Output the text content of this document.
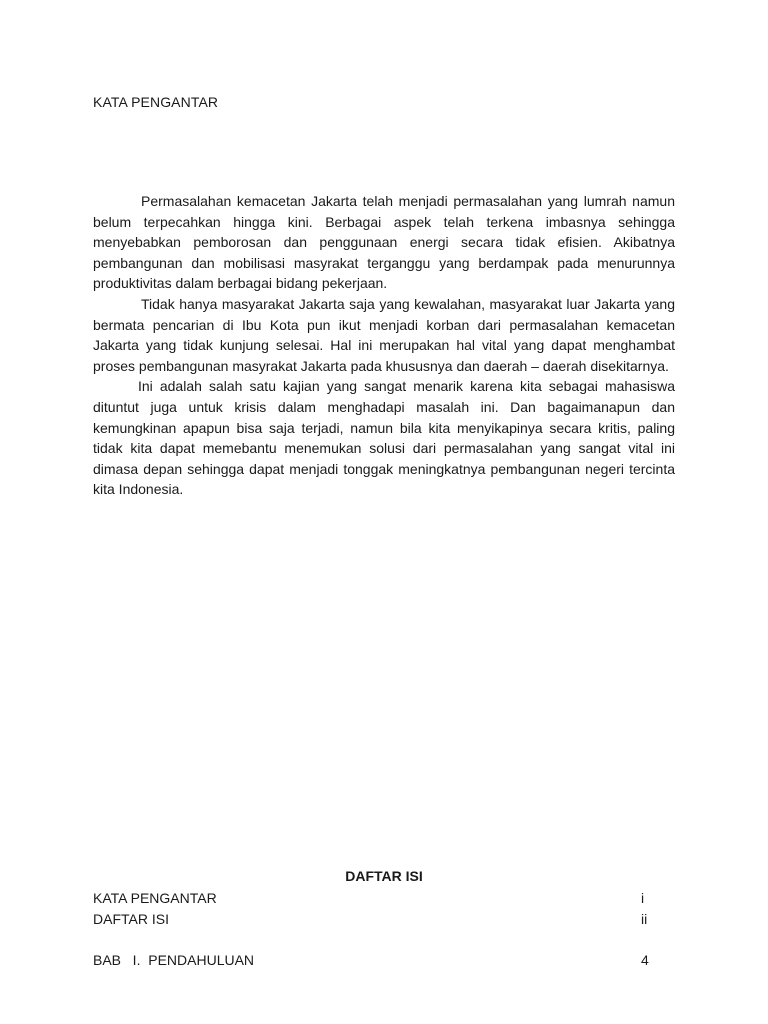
KATA PENGANTAR

Permasalahan kemacetan Jakarta telah menjadi permasalahan yang lumrah namun belum terpecahkan hingga kini. Berbagai aspek telah terkena imbasnya sehingga menyebabkan pemborosan dan penggunaan energi secara tidak efisien. Akibatnya pembangunan dan mobilisasi masyrakat terganggu yang berdampak pada menurunnya produktivitas dalam berbagai bidang pekerjaan.

Tidak hanya masyarakat Jakarta saja yang kewalahan, masyarakat luar Jakarta yang bermata pencarian di Ibu Kota pun ikut menjadi korban dari permasalahan kemacetan Jakarta yang tidak kunjung selesai. Hal ini merupakan hal vital yang dapat menghambat proses pembangunan masyrakat Jakarta pada khususnya dan daerah – daerah disekitarnya.

Ini adalah salah satu kajian yang sangat menarik karena kita sebagai mahasiswa dituntut juga untuk krisis dalam menghadapi masalah ini. Dan bagaimanapun dan kemungkinan apapun bisa saja terjadi, namun bila kita menyikapinya secara kritis, paling tidak kita dapat memebantu menemukan solusi dari permasalahan yang sangat vital ini dimasa depan sehingga dapat menjadi tonggak meningkatnya pembangunan negeri tercinta kita Indonesia.

DAFTAR ISI
KATA PENGANTAR	i
DAFTAR ISI	ii
BAB   I.  PENDAHULUAN	4
